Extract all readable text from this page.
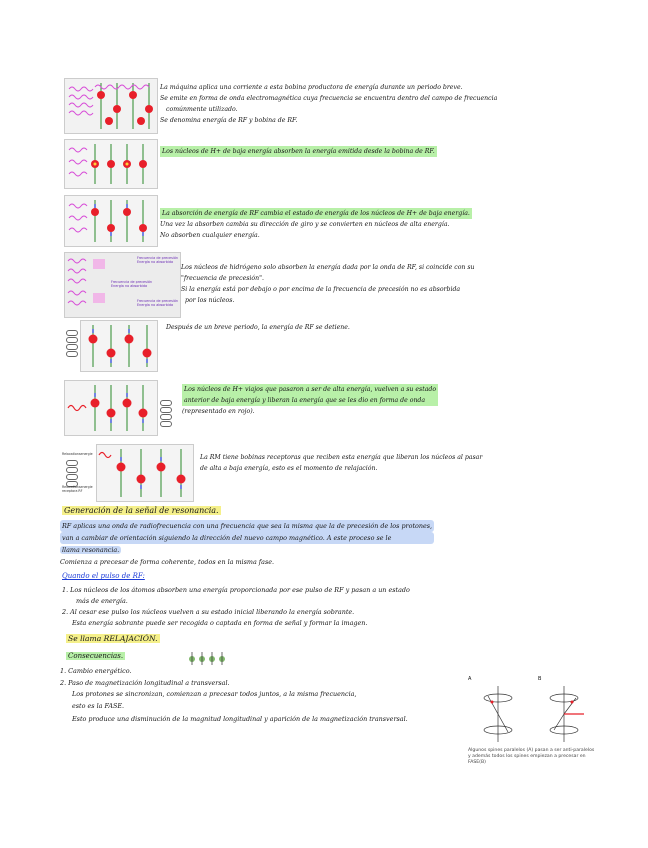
Frecuencia de precesión
Energía no absorbida
Frecuencia de precesión
Energía no absorbida
Frecuencia de precesión
Energía no absorbida
Relaxationsenergie
Relaxationsenergie receptora RF
La máquina aplica una corriente a esta bobina productora de energía durante un periodo breve.
Se emite en forma de onda electromagnética cuya frecuencia se encuentra dentro del campo de frecuencia
comúnmente utilizado.
Se denomina energía de RF y bobina de RF.
Los núcleos de H+ de baja energía absorben la energía emitida desde la bobina de RF.
La absorción de energía de RF cambia el estado de energía de los núcleos de H+ de baja energía.
Una vez la absorben cambia su dirección de giro y se convierten en núcleos de alta energía.
No absorben cualquier energía.
Los núcleos de hidrógeno solo absorben la energía dada por la onda de RF, si coincide con su
"frecuencia de precesión".
Si la energía está por debajo o por encima de la frecuencia de precesión no es absorbida
por los núcleos.
Después de un breve periodo, la energía de RF se detiene.
Los núcleos de H+ viajos que pasaron a ser de alta energía, vuelven a su estado
anterior de baja energía y liberan la energía que se les dio en forma de onda
(representado en rojo).
La RM tiene bobinas receptoras que reciben esta energía que liberan los núcleos al pasar
de alta a baja energía, esto es el momento de relajación.
Generación de la señal de resonancia.
RF aplicas una onda de radiofrecuencia con una frecuencia que sea la misma que la de precesión de los protones,
van a cambiar de orientación siguiendo la dirección del nuevo campo magnético. A este proceso se le
llama resonancia.
Comienza a precesar de forma coherente, todos en la misma fase.
Quando el pulso de RF:
1. Los núcleos de los átomos absorben una energía proporcionada por ese pulso de RF y pasan a un estado
más de energía.
2. Al cesar ese pulso los núcleos vuelven a su estado inicial liberando la energía sobrante.
Esta energía sobrante puede ser recogida o captada en forma de señal y formar la imagen.
Se llama RELAJACIÓN.
Consecuencias.
1. Cambio energético.
2. Paso de magnetización longitudinal a transversal.
Los protones se sincronizan, comienzan a precesar todos juntos, a la misma frecuencia,
esto es la FASE.
Esto produce una disminución de la magnitud longitudinal y aparición de la magnetización transversal.
A	B
Algunos spines paralelos (A) pasan a ser anti-paralelos y además todos los spines empiezan a precesar en FASE(B)
